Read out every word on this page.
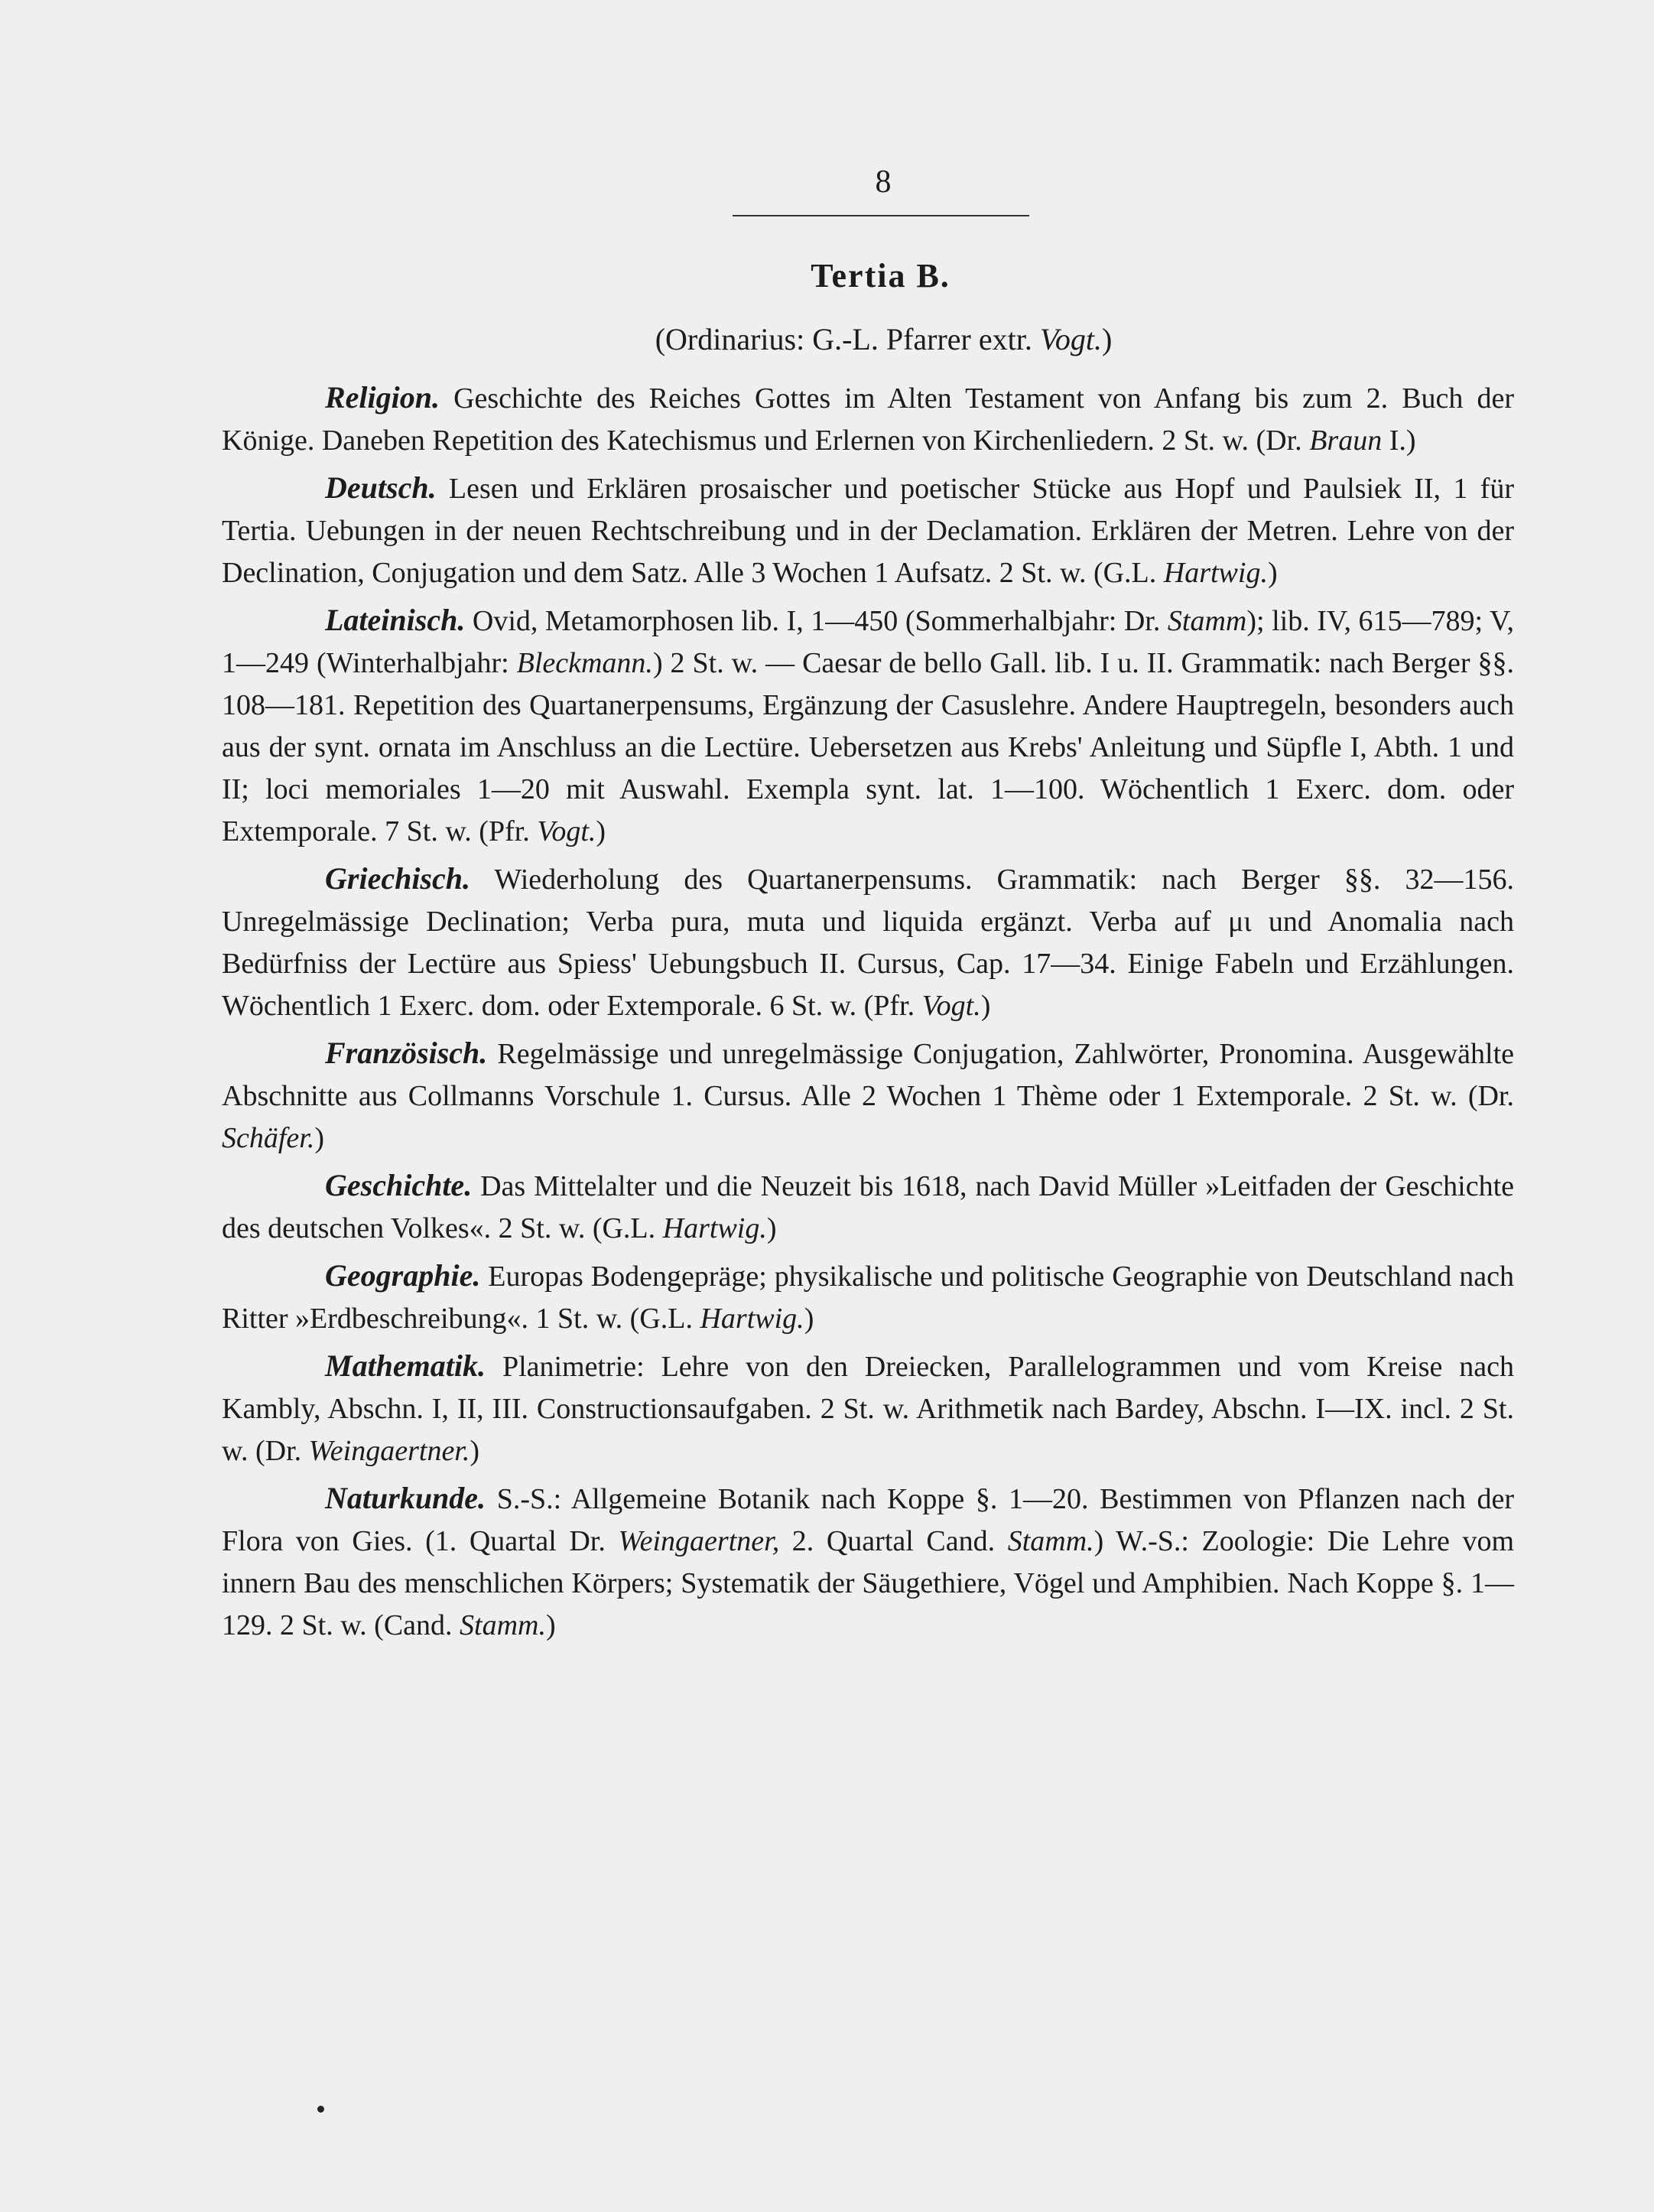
8
Tertia B.
(Ordinarius: G.-L. Pfarrer extr. Vogt.)

Religion. Geschichte des Reiches Gottes im Alten Testament von Anfang bis zum 2. Buch der Könige. Daneben Repetition des Katechismus und Erlernen von Kirchenliedern. 2 St. w. (Dr. Braun I.)

Deutsch. Lesen und Erklären prosaischer und poetischer Stücke aus Hopf und Paulsiek II, 1 für Tertia. Uebungen in der neuen Rechtschreibung und in der Declamation. Erklären der Metren. Lehre von der Declination, Conjugation und dem Satz. Alle 3 Wochen 1 Aufsatz. 2 St. w. (G.L. Hartwig.)

Lateinisch. Ovid, Metamorphosen lib. I, 1—450 (Sommerhalbjahr: Dr. Stamm); lib. IV, 615—789; V, 1—249 (Winterhalbjahr: Bleckmann.) 2 St. w. — Caesar de bello Gall. lib. I u. II. Grammatik: nach Berger §§. 108—181. Repetition des Quartanerpensums, Ergänzung der Casuslehre. Andere Hauptregeln, besonders auch aus der synt. ornata im Anschluss an die Lectüre. Uebersetzen aus Krebs' Anleitung und Süpfle I, Abth. 1 und II; loci memoriales 1—20 mit Auswahl. Exempla synt. lat. 1—100. Wöchentlich 1 Exerc. dom. oder Extemporale. 7 St. w. (Pfr. Vogt.)

Griechisch. Wiederholung des Quartanerpensums. Grammatik: nach Berger §§. 32—156. Unregelmässige Declination; Verba pura, muta und liquida ergänzt. Verba auf μι und Anomalia nach Bedürfniss der Lectüre aus Spiess' Uebungsbuch II. Cursus, Cap. 17—34. Einige Fabeln und Erzählungen. Wöchentlich 1 Exerc. dom. oder Extemporale. 6 St. w. (Pfr. Vogt.)

Französisch. Regelmässige und unregelmässige Conjugation, Zahlwörter, Pronomina. Ausgewählte Abschnitte aus Collmanns Vorschule 1. Cursus. Alle 2 Wochen 1 Thème oder 1 Extemporale. 2 St. w. (Dr. Schäfer.)

Geschichte. Das Mittelalter und die Neuzeit bis 1618, nach David Müller »Leitfaden der Geschichte des deutschen Volkes«. 2 St. w. (G.L. Hartwig.)

Geographie. Europas Bodengepräge; physikalische und politische Geographie von Deutschland nach Ritter »Erdbeschreibung«. 1 St. w. (G.L. Hartwig.)

Mathematik. Planimetrie: Lehre von den Dreiecken, Parallelogrammen und vom Kreise nach Kambly, Abschn. I, II, III. Constructionsaufgaben. 2 St. w. Arithmetik nach Bardey, Abschn. I—IX. incl. 2 St. w. (Dr. Weingaertner.)

Naturkunde. S.-S.: Allgemeine Botanik nach Koppe §. 1—20. Bestimmen von Pflanzen nach der Flora von Gies. (1. Quartal Dr. Weingaertner, 2. Quartal Cand. Stamm.) W.-S.: Zoologie: Die Lehre vom innern Bau des menschlichen Körpers; Systematik der Säugethiere, Vögel und Amphibien. Nach Koppe §. 1—129. 2 St. w. (Cand. Stamm.)
